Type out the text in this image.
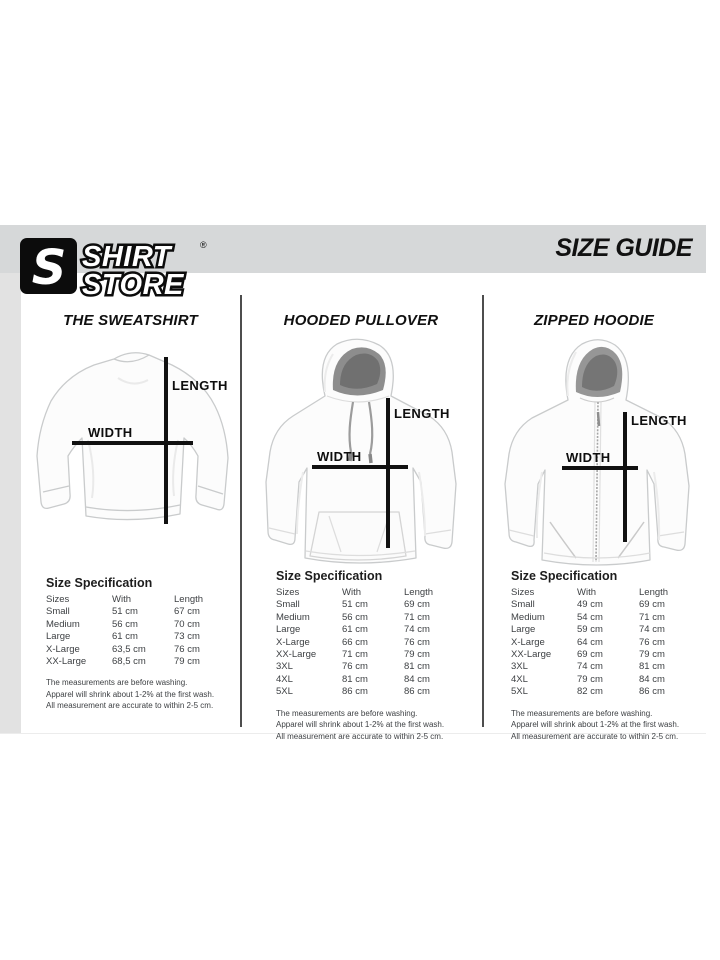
S SHIRT	®
STORE
SIZE GUIDE
THE SWEATSHIRT	HOODED PULLOVER	ZIPPED HOODIE
LENGTH
WIDTH
LENGTH
WIDTH
LENGTH
WIDTH
Size Specification
Sizes	With	Length
Small	51 cm	67 cm
Medium	56 cm	70 cm
Large	61 cm	73 cm
X-Large	63,5 cm	76 cm
XX-Large	68,5 cm	79 cm
The measurements are before washing.
Apparel will shrink about 1-2% at the first wash.
All measurement are accurate to within 2-5 cm.
Size Specification
Sizes	With	Length
Small	51 cm	69 cm
Medium	56 cm	71 cm
Large	61 cm	74 cm
X-Large	66 cm	76 cm
XX-Large	71 cm	79 cm
3XL	76 cm	81 cm
4XL	81 cm	84 cm
5XL	86 cm	86 cm
The measurements are before washing.
Apparel will shrink about 1-2% at the first wash.
All measurement are accurate to within 2-5 cm.
Size Specification
Sizes	With	Length
Small	49 cm	69 cm
Medium	54 cm	71 cm
Large	59 cm	74 cm
X-Large	64 cm	76 cm
XX-Large	69 cm	79 cm
3XL	74 cm	81 cm
4XL	79 cm	84 cm
5XL	82 cm	86 cm
The measurements are before washing.
Apparel will shrink about 1-2% at the first wash.
All measurement are accurate to within 2-5 cm.
